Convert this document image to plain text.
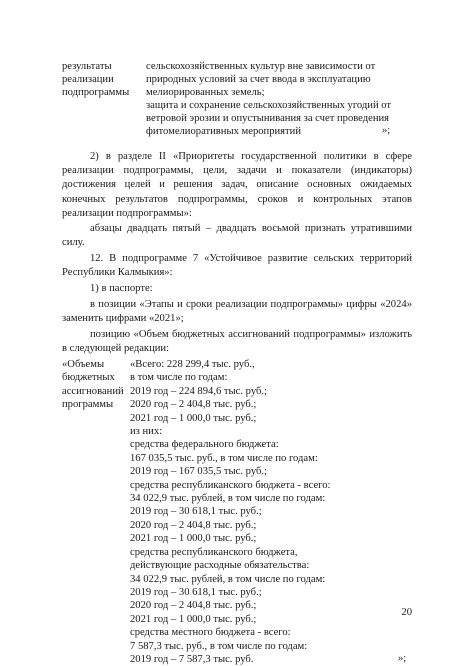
результаты
реализации
подпрограммы
сельскохозяйственных культур вне зависимости от
природных условий за счет ввода в эксплуатацию
мелиорированных земель;
защита и сохранение сельскохозяйственных угодий от
ветровой эрозии и опустынивания за счет проведения
фитомелиоративных мероприятий	»;
2) в разделе II «Приоритеты государственной политики в сфере
реализации подпрограммы, цели, задачи и показатели (индикаторы)
достижения целей и решения задач, описание основных ожидаемых
конечных результатов подпрограммы, сроков и контрольных этапов
реализации подпрограммы»:
абзацы двадцать пятый – двадцать восьмой признать утратившими
силу.
12. В подпрограмме 7 «Устойчивое развитие сельских территорий
Республики Калмыкия»:
1) в паспорте:
в позиции «Этапы и сроки реализации подпрограммы» цифры «2024»
заменить цифрами «2021»;
позицию «Объем бюджетных ассигнований подпрограммы» изложить
в следующей редакции:
«Объемы
бюджетных
ассигнований
программы
«Всего: 228 299,4 тыс. руб.,
в том числе по годам:
2019 год – 224 894,6 тыс. руб.;
2020 год – 2 404,8 тыс. руб.;
2021 год – 1 000,0 тыс. руб.;
из них:
средства федерального бюджета:
167 035,5 тыс. руб., в том числе по годам:
2019 год – 167 035,5 тыс. руб.;
средства республиканского бюджета - всего:
34 022,9 тыс. рублей, в том числе по годам:
2019 год – 30 618,1 тыс. руб.;
2020 год – 2 404,8 тыс. руб.;
2021 год – 1 000,0 тыс. руб.;
средства республиканского бюджета,
действующие расходные обязательства:
34 022,9 тыс. рублей, в том числе по годам:
2019 год – 30 618,1 тыс. руб.;
2020 год – 2 404,8 тыс. руб.;
2021 год – 1 000,0 тыс. руб.;
средства местного бюджета - всего:
7 587,3 тыс. руб., в том числе по годам:
2019 год – 7 587,3 тыс. руб.	»;
20
